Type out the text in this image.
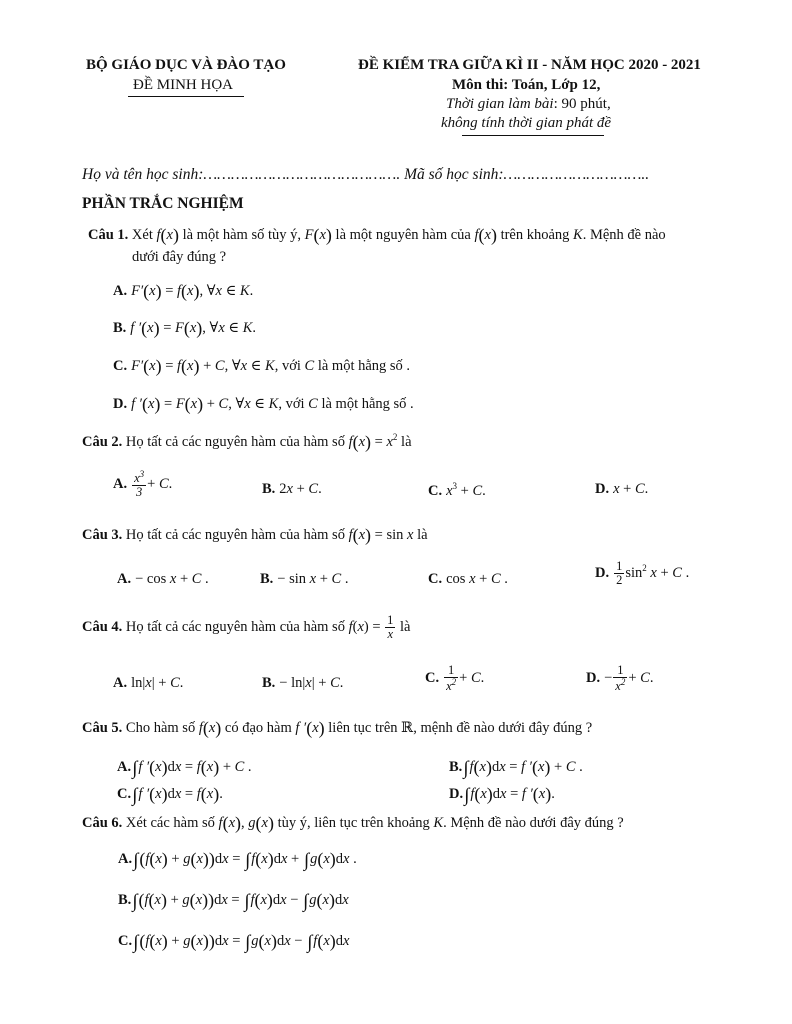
BỘ GIÁO DỤC VÀ ĐÀO TẠO
ĐỀ MINH HỌA
ĐỀ KIỂM TRA GIỮA KÌ II - NĂM HỌC 2020 - 2021
Môn thi: Toán, Lớp 12,
Thời gian làm bài: 90 phút,
không tính thời gian phát đề
Họ và tên học sinh:……………………………………. Mã số học sinh:…………………………..
PHẦN TRẮC NGHIỆM
Câu 1. Xét f(x) là một hàm số tùy ý, F(x) là một nguyên hàm của f(x) trên khoảng K. Mệnh đề nào
dưới đây đúng ?
A. F′(x) = f(x), ∀x ∈ K.
B. f ′(x) = F(x), ∀x ∈ K.
C. F′(x) = f(x) + C, ∀x ∈ K, với C là một hằng số .
D. f ′(x) = F(x) + C, ∀x ∈ K, với C là một hằng số .
Câu 2. Họ tất cả các nguyên hàm của hàm số $f(x) = x^2$ là
A. $\frac{x^3}{3} + C$.	B. 2x + C.	C. $x^3 + C$.	D. x + C.
Câu 3. Họ tất cả các nguyên hàm của hàm số f(x) = sin x là
A. − cos x + C .	B. − sin x + C .	C. cos x + C .	D. $\frac{1}{2} \sin^2 x + C$ .
Câu 4. Họ tất cả các nguyên hàm của hàm số $f(x) = \frac{1}{x}$ là
A. ln|x| + C.	B. − ln|x| + C.	C. $\frac{1}{x^2} + C$.	D. − $\frac{1}{x^2} + C$.
Câu 5. Cho hàm số f(x) có đạo hàm f ′(x) liên tục trên ℝ, mệnh đề nào dưới đây đúng ?
A.∫f ′(x)dx = f(x) + C .	B.∫f(x)dx = f ′(x) + C .
C.∫f ′(x)dx = f(x).	D.∫f(x)dx = f ′(x).
Câu 6. Xét các hàm số f(x), g(x) tùy ý, liên tục trên khoảng K. Mệnh đề nào dưới đây đúng ?
A.∫(f(x) + g(x))dx = ∫f(x)dx + ∫g(x)dx .
B.∫(f(x) + g(x))dx = ∫f(x)dx − ∫g(x)dx
C.∫(f(x) + g(x))dx = ∫g(x)dx − ∫f(x)dx
